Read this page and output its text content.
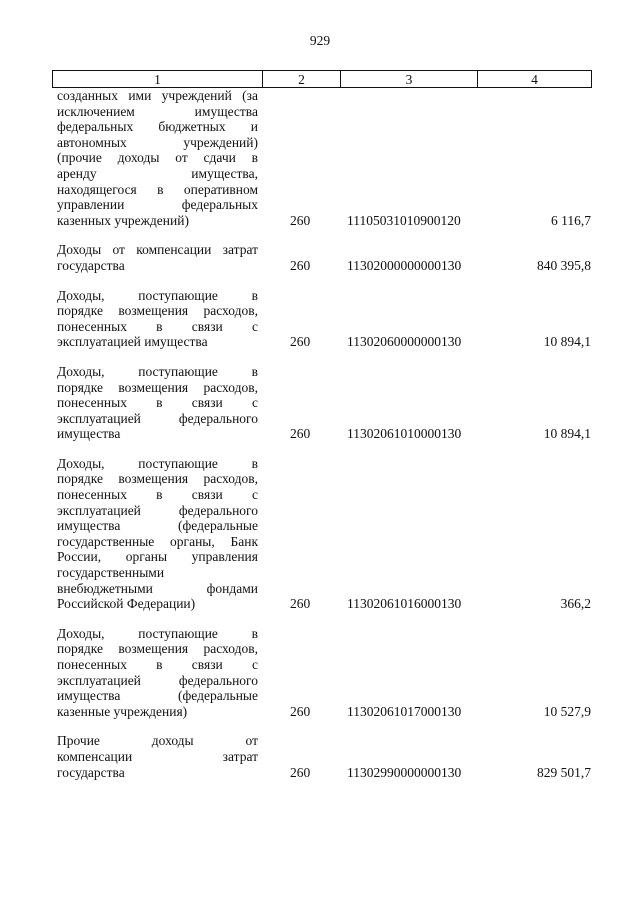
929
1	2	3	4
созданных ими учреждений (за
исключением имущества
федеральных бюджетных и
автономных учреждений)
(прочие доходы от сдачи в
аренду имущества,
находящегося в оперативном
управлении федеральных
казенных учреждений)	260	11105031010900120	6 116,7
Доходы от компенсации затрат
государства	260	11302000000000130	840 395,8
Доходы, поступающие в
порядке возмещения расходов,
понесенных в связи с
эксплуатацией имущества	260	11302060000000130	10 894,1
Доходы, поступающие в
порядке возмещения расходов,
понесенных в связи с
эксплуатацией федерального
имущества	260	11302061010000130	10 894,1
Доходы, поступающие в
порядке возмещения расходов,
понесенных в связи с
эксплуатацией федерального
имущества (федеральные
государственные органы, Банк
России, органы управления
государственными
внебюджетными фондами
Российской Федерации)	260	11302061016000130	366,2
Доходы, поступающие в
порядке возмещения расходов,
понесенных в связи с
эксплуатацией федерального
имущества (федеральные
казенные учреждения)	260	11302061017000130	10 527,9
Прочие доходы от
компенсации затрат
государства	260	11302990000000130	829 501,7
